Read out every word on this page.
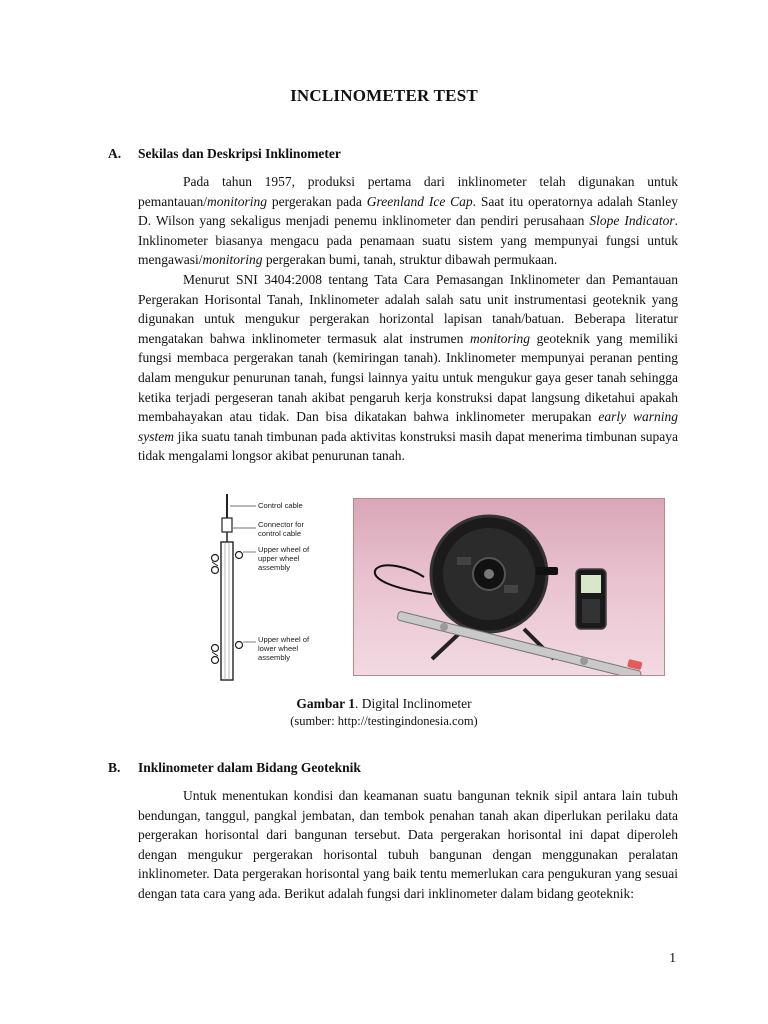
INCLINOMETER TEST
A. Sekilas dan Deskripsi Inklinometer

Pada tahun 1957, produksi pertama dari inklinometer telah digunakan untuk pemantauan/monitoring pergerakan pada Greenland Ice Cap. Saat itu operatornya adalah Stanley D. Wilson yang sekaligus menjadi penemu inklinometer dan pendiri perusahaan Slope Indicator. Inklinometer biasanya mengacu pada penamaan suatu sistem yang mempunyai fungsi untuk mengawasi/monitoring pergerakan bumi, tanah, struktur dibawah permukaan.

Menurut SNI 3404:2008 tentang Tata Cara Pemasangan Inklinometer dan Pemantauan Pergerakan Horisontal Tanah, Inklinometer adalah salah satu unit instrumentasi geoteknik yang digunakan untuk mengukur pergerakan horizontal lapisan tanah/batuan. Beberapa literatur mengatakan bahwa inklinometer termasuk alat instrumen monitoring geoteknik yang memiliki fungsi membaca pergerakan tanah (kemiringan tanah). Inklinometer mempunyai peranan penting dalam mengukur penurunan tanah, fungsi lainnya yaitu untuk mengukur gaya geser tanah sehingga ketika terjadi pergeseran tanah akibat pengaruh kerja konstruksi dapat langsung diketahui apakah membahayakan atau tidak. Dan bisa dikatakan bahwa inklinometer merupakan early warning system jika suatu tanah timbunan pada aktivitas konstruksi masih dapat menerima timbunan supaya tidak mengalami longsor akibat penurunan tanah.

Control cable
Connector for
control cable
Upper wheel of
upper wheel
assembly
Upper wheel of
lower wheel
assembly
Gambar 1. Digital Inclinometer
(sumber: http://testingindonesia.com)
B. Inklinometer dalam Bidang Geoteknik

Untuk menentukan kondisi dan keamanan suatu bangunan teknik sipil antara lain tubuh bendungan, tanggul, pangkal jembatan, dan tembok penahan tanah akan diperlukan perilaku data pergerakan horisontal dari bangunan tersebut. Data pergerakan horisontal ini dapat diperoleh dengan mengukur pergerakan horisontal tubuh bangunan dengan menggunakan peralatan inklinometer. Data pergerakan horisontal yang baik tentu memerlukan cara pengukuran yang sesuai dengan tata cara yang ada. Berikut adalah fungsi dari inklinometer dalam bidang geoteknik:

1
